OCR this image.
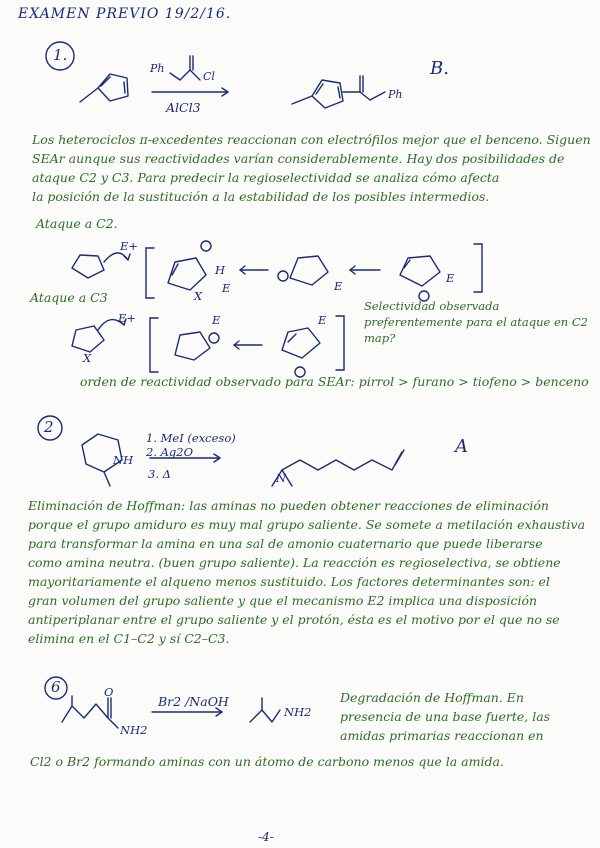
EXAMEN PREVIO 19/2/16.
Ph
Cl
AlCl3
Ph
B.
1.
Los heterociclos π-excedentes reaccionan con electrófilos mejor que el benceno. Siguen
SEAr aunque sus reactividades varían considerablemente. Hay dos posibilidades de
ataque C2 y C3. Para predecir la regioselectividad se analiza cómo afecta
la posición de la sustitución a la estabilidad de los posibles intermedios.
Ataque a C2.
Ataque a C3
E+
E+
X
E
H
E
E
X
E	E
Selectividad observada preferentemente para el ataque en C2 map?
orden de reactividad observado para SEAr: pirrol > furano > tiofeno > benceno
2
NH
1. MeI (exceso)
2. Ag2O
3. Δ	N
A
Eliminación de Hoffman: las aminas no pueden obtener reacciones de eliminación
porque el grupo amiduro es muy mal grupo saliente. Se somete a metilación exhaustiva
para transformar la amina en una sal de amonio cuaternario que puede liberarse
como amina neutra. (buen grupo saliente). La reacción es regioselectiva, se obtiene
mayoritariamente el alqueno menos sustituido. Los factores determinantes son: el
gran volumen del grupo saliente y que el mecanismo E2 implica una disposición
antiperiplanar entre el grupo saliente y el protón, ésta es el motivo por el que no se
elimina en el C1–C2 y sí C2–C3.
6	O
NH2
Br2 /NaOH
NH2
Degradación de Hoffman. En
presencia de una base fuerte, las
amidas primarias reaccionan en
Cl2 o Br2 formando aminas con un átomo de carbono menos que la amida.
-4-
